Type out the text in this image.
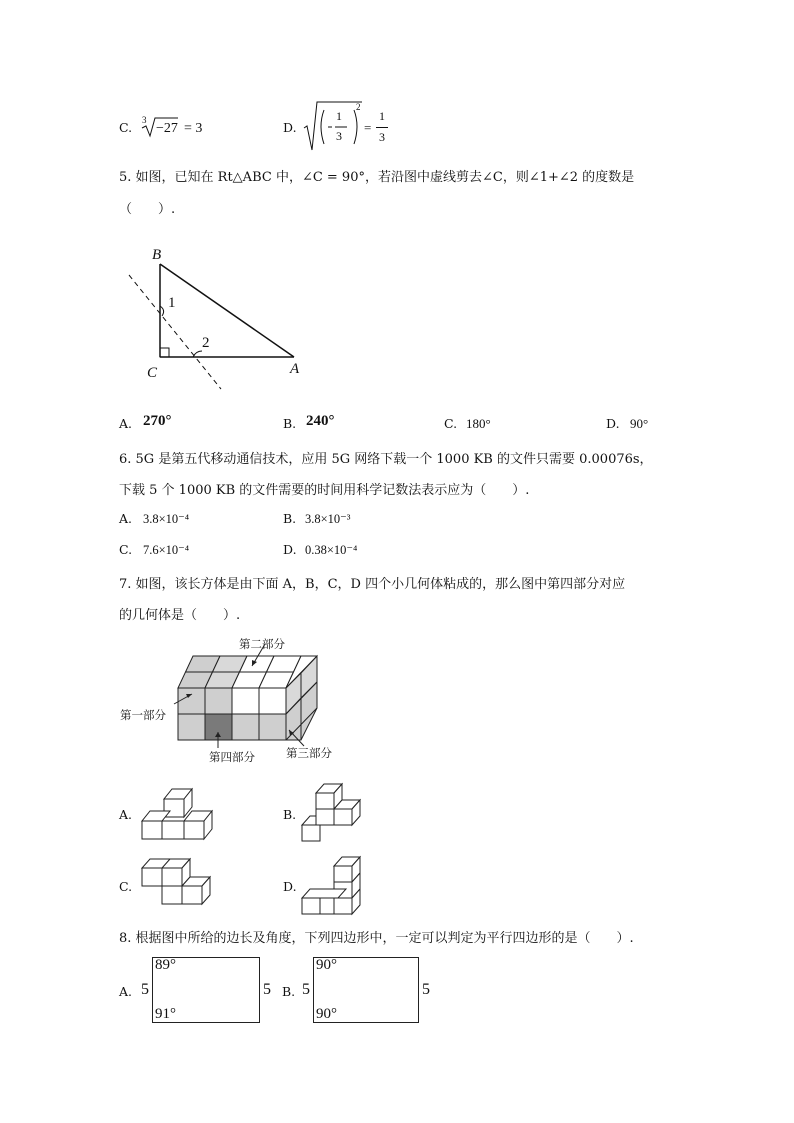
C. 3
−27 = 3	D.
1
3
2
=
1
3
5. 如图，已知在 Rt△ABC 中，∠C = 90°，若沿图中虚线剪去∠C，则∠1+∠2 的度数是
（　　）.
B
C	A
1
2
A. 270°	B. 240°	C. 180°	D. 90°
6. 5G 是第五代移动通信技术，应用 5G 网络下载一个 1000 KB 的文件只需要 0.00076s，
下载 5 个 1000 KB 的文件需要的时间用科学记数法表示应为（　　）.
A. 3.8×10⁻⁴	B. 3.8×10⁻³
C. 7.6×10⁻⁴	D. 0.38×10⁻⁴
7. 如图，该长方体是由下面 A，B，C，D 四个小几何体粘成的，那么图中第四部分对应
的几何体是（　　）.
第二部分
第一部分
第四部分	第三部分
A.	B.
C.	D.
8. 根据图中所给的边长及角度，下列四边形中，一定可以判定为平行四边形的是（　　）.
A. 5
89°
91°
5 B. 5
90°
90°
5
